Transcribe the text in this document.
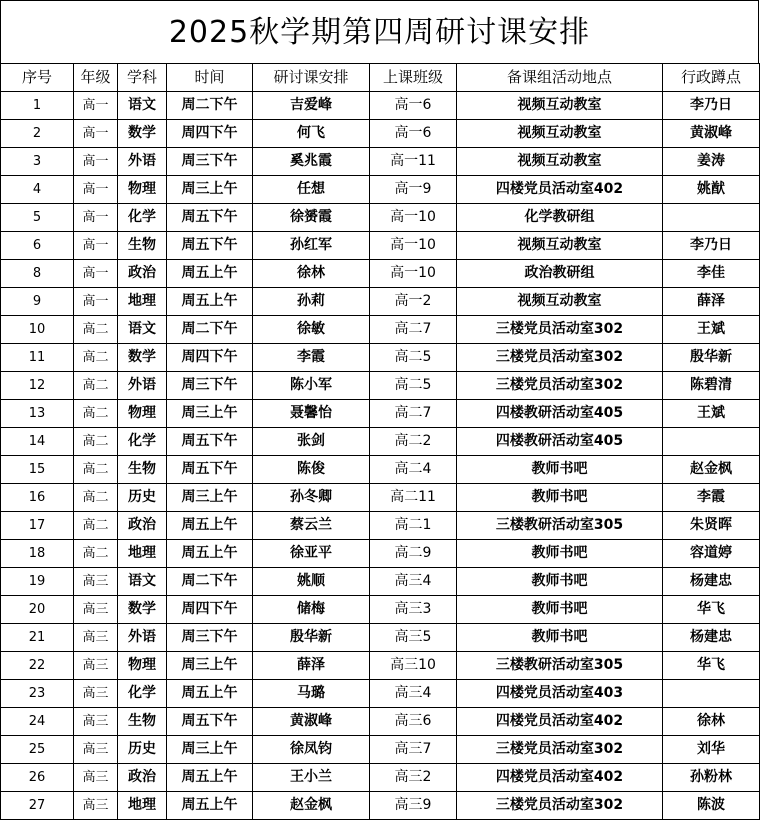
2025秋学期第四周研讨课安排
序号	年级	学科	时间	研讨课安排	上课班级	备课组活动地点	行政蹲点
1	高一	语文	周二下午	吉爱峰	高一6	视频互动教室	李乃日
2	高一	数学	周四下午	何飞	高一6	视频互动教室	黄淑峰
3	高一	外语	周三下午	奚兆霞	高一11	视频互动教室	姜涛
4	高一	物理	周三上午	任想	高一9	四楼党员活动室402	姚猷
5	高一	化学	周五下午	徐赟霞	高一10	化学教研组	
6	高一	生物	周五下午	孙红军	高一10	视频互动教室	李乃日
8	高一	政治	周五上午	徐林	高一10	政治教研组	李佳
9	高一	地理	周五上午	孙莉	高一2	视频互动教室	薛泽
10	高二	语文	周二下午	徐敏	高二7	三楼党员活动室302	王斌
11	高二	数学	周四下午	李霞	高二5	三楼党员活动室302	殷华新
12	高二	外语	周三下午	陈小军	高二5	三楼党员活动室302	陈碧清
13	高二	物理	周三上午	聂馨怡	高二7	四楼教研活动室405	王斌
14	高二	化学	周五下午	张剑	高二2	四楼教研活动室405	
15	高二	生物	周五下午	陈俊	高二4	教师书吧	赵金枫
16	高二	历史	周三上午	孙冬卿	高二11	教师书吧	李霞
17	高二	政治	周五上午	蔡云兰	高二1	三楼教研活动室305	朱贤晖
18	高二	地理	周五上午	徐亚平	高二9	教师书吧	容道婷
19	高三	语文	周二下午	姚顺	高三4	教师书吧	杨建忠
20	高三	数学	周四下午	储梅	高三3	教师书吧	华飞
21	高三	外语	周三下午	殷华新	高三5	教师书吧	杨建忠
22	高三	物理	周三上午	薛泽	高三10	三楼教研活动室305	华飞
23	高三	化学	周五上午	马璐	高三4	四楼党员活动室403	
24	高三	生物	周五下午	黄淑峰	高三6	四楼党员活动室402	徐林
25	高三	历史	周三上午	徐凤钧	高三7	三楼党员活动室302	刘华
26	高三	政治	周五上午	王小兰	高三2	四楼党员活动室402	孙粉林
27	高三	地理	周五上午	赵金枫	高三9	三楼党员活动室302	陈波
